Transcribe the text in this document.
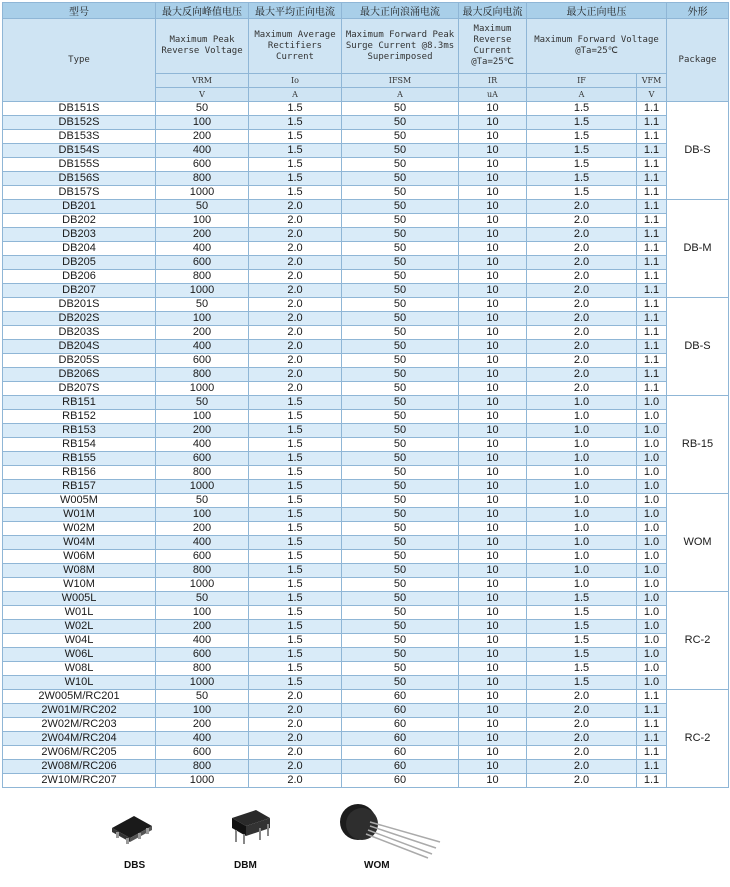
型号	最大反向峰值电压	最大平均正向电流	最大正向浪涌电流	最大反向电流	最大正向电压		外形
Type	Maximum Peak Reverse Voltage	Maximum Average Rectifiers Current	Maximum Forward Peak Surge Current @8.3ms Superimposed	Maximum Reverse Current @Ta=25℃	Maximum Forward Voltage @Ta=25℃		Package
	VRM	Io	IFSM	IR	IF	VFM	
	V	A	A	uA	A	V	
DB151S	50	1.5	50	10	1.5	1.1	DB-S
DB152S	100	1.5	50	10	1.5	1.1	
DB153S	200	1.5	50	10	1.5	1.1	
DB154S	400	1.5	50	10	1.5	1.1	
DB155S	600	1.5	50	10	1.5	1.1	
DB156S	800	1.5	50	10	1.5	1.1	
DB157S	1000	1.5	50	10	1.5	1.1	
DB201	50	2.0	50	10	2.0	1.1	DB-M
DB202	100	2.0	50	10	2.0	1.1	
DB203	200	2.0	50	10	2.0	1.1	
DB204	400	2.0	50	10	2.0	1.1	
DB205	600	2.0	50	10	2.0	1.1	
DB206	800	2.0	50	10	2.0	1.1	
DB207	1000	2.0	50	10	2.0	1.1	
DB201S	50	2.0	50	10	2.0	1.1	DB-S
DB202S	100	2.0	50	10	2.0	1.1	
DB203S	200	2.0	50	10	2.0	1.1	
DB204S	400	2.0	50	10	2.0	1.1	
DB205S	600	2.0	50	10	2.0	1.1	
DB206S	800	2.0	50	10	2.0	1.1	
DB207S	1000	2.0	50	10	2.0	1.1	
RB151	50	1.5	50	10	1.0	1.0	RB-15
RB152	100	1.5	50	10	1.0	1.0	
RB153	200	1.5	50	10	1.0	1.0	
RB154	400	1.5	50	10	1.0	1.0	
RB155	600	1.5	50	10	1.0	1.0	
RB156	800	1.5	50	10	1.0	1.0	
RB157	1000	1.5	50	10	1.0	1.0	
W005M	50	1.5	50	10	1.0	1.0	WOM
W01M	100	1.5	50	10	1.0	1.0	
W02M	200	1.5	50	10	1.0	1.0	
W04M	400	1.5	50	10	1.0	1.0	
W06M	600	1.5	50	10	1.0	1.0	
W08M	800	1.5	50	10	1.0	1.0	
W10M	1000	1.5	50	10	1.0	1.0	
W005L	50	1.5	50	10	1.5	1.0	RC-2
W01L	100	1.5	50	10	1.5	1.0	
W02L	200	1.5	50	10	1.5	1.0	
W04L	400	1.5	50	10	1.5	1.0	
W06L	600	1.5	50	10	1.5	1.0	
W08L	800	1.5	50	10	1.5	1.0	
W10L	1000	1.5	50	10	1.5	1.0	
2W005M/RC201	50	2.0	60	10	2.0	1.1	RC-2
2W01M/RC202	100	2.0	60	10	2.0	1.1	
2W02M/RC203	200	2.0	60	10	2.0	1.1	
2W04M/RC204	400	2.0	60	10	2.0	1.1	
2W06M/RC205	600	2.0	60	10	2.0	1.1	
2W08M/RC206	800	2.0	60	10	2.0	1.1	
2W10M/RC207	1000	2.0	60	10	2.0	1.1	
DBS	DBM	WOM
